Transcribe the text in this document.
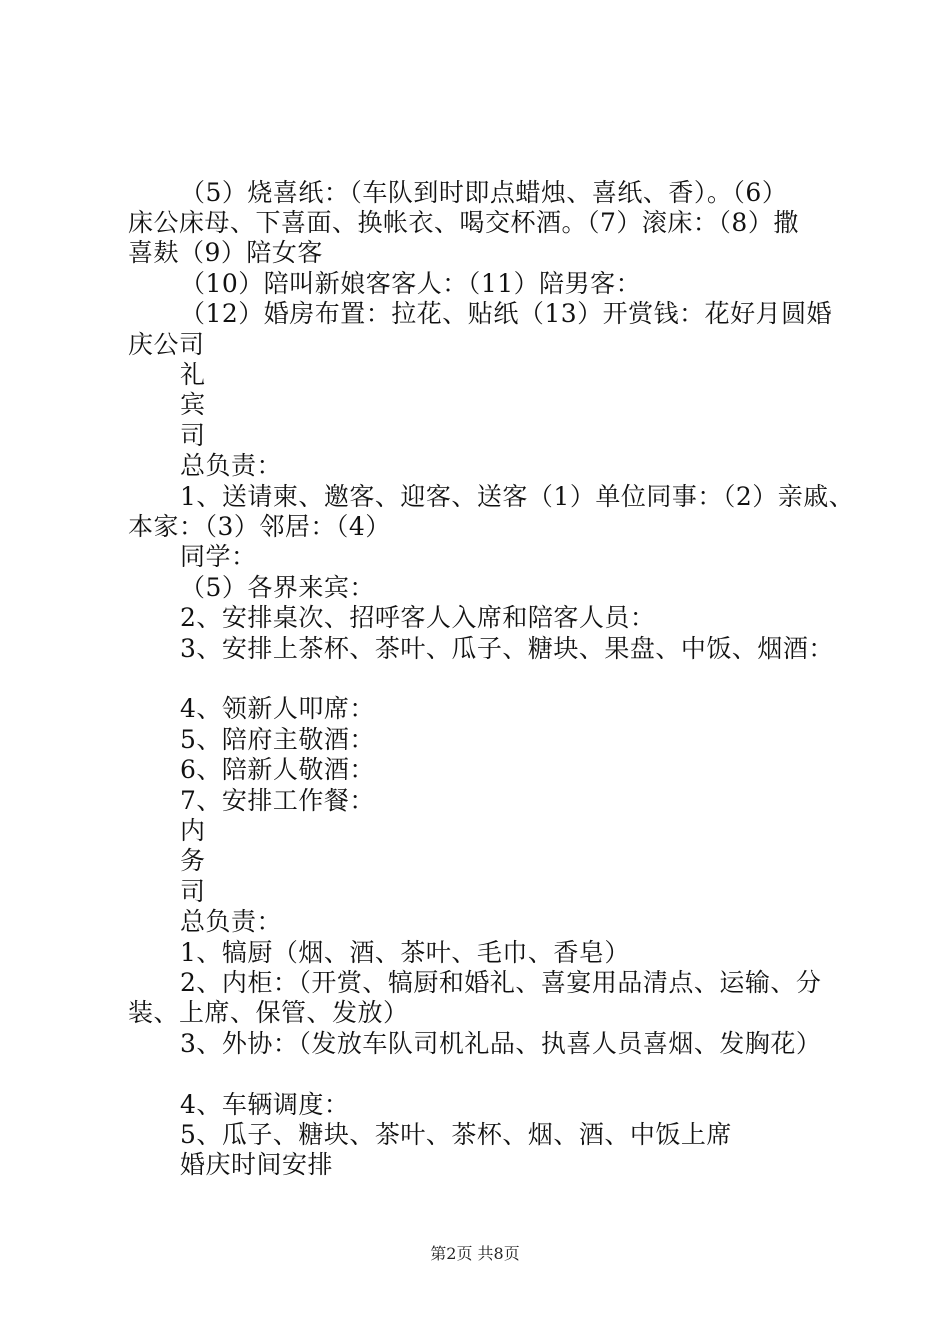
（5）烧喜纸：（车队到时即点蜡烛、喜纸、香）。（6）
床公床母、下喜面、换帐衣、喝交杯酒。（7）滚床：（8）撒
喜麸（9）陪女客
（10）陪叫新娘客客人：（11）陪男客：
（12）婚房布置：拉花、贴纸（13）开赏钱：花好月圆婚
庆公司
礼
宾
司
总负责：
1、送请柬、邀客、迎客、送客（1）单位同事：（2）亲戚、
本家：（3）邻居：（4）
同学：
（5）各界来宾：
2、安排桌次、招呼客人入席和陪客人员：
3、安排上茶杯、茶叶、瓜子、糖块、果盘、中饭、烟酒：
4、领新人叩席：
5、陪府主敬酒：
6、陪新人敬酒：
7、安排工作餐：
内
务
司
总负责：
1、犒厨（烟、酒、茶叶、毛巾、香皂）
2、内柜：（开赏、犒厨和婚礼、喜宴用品清点、运输、分
装、上席、保管、发放）
3、外协：（发放车队司机礼品、执喜人员喜烟、发胸花）
4、车辆调度：
5、瓜子、糖块、茶叶、茶杯、烟、酒、中饭上席
婚庆时间安排
第2页 共8页
